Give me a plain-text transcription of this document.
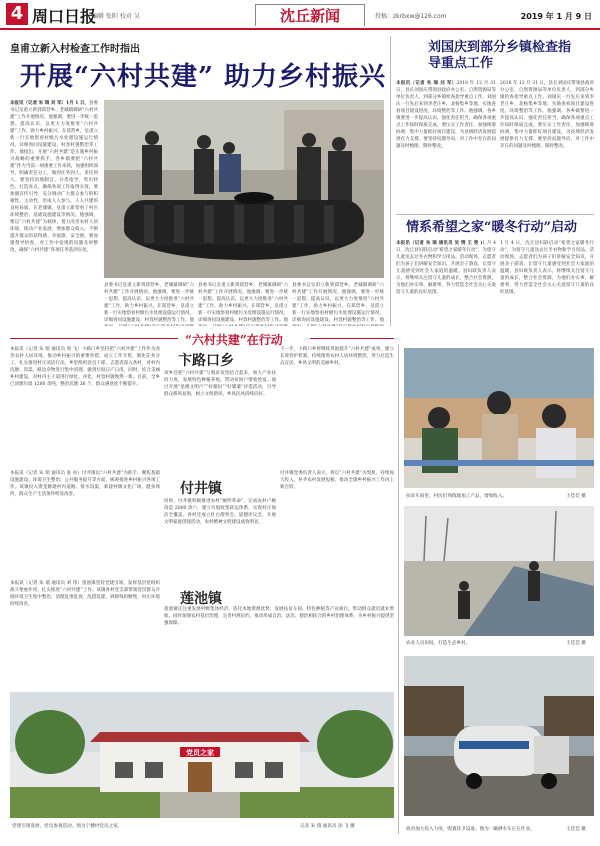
4 周口日报
编辑 张阳 校对 吴	沈丘新闻	投稿：zkrbxw@126.com	2019 年 1 月 9 日
皇甫立新入村检查工作时指出
开展“六村共建” 助力乡村振兴
本报讯（记者 朱 瑞 刘 军）1月 1 日，县委书记皇甫立新到郑营乡、老城镇调研“六村共建”工作开展情况。他强调，要进一步统一思想、提高认识，以更大力度推进“六村共建”工作，助力乡村振兴。在郑营乡，皇甫立新一行实地察看村级污水处理设施运行情况，详细询问设施建设、村容村貌整治等工作。他指出，开展“六村共建”是实施乡村振兴战略的重要抓手，各乡镇要把“六村共建”作为当前一项重要工作来抓，加强组织领导，明确责任分工，做到任务到人、责任到人。要坚持因地制宜、分类指导，突出特色、打造亮点，确保各项工作取得实效。要加强宣传引导，充分调动广大群众参与的积极性、主动性，形成人人参与、人人共建的良好局面。在老城镇，皇甫立新察看了村庄环境整治、基础设施建设等情况。他强调，要以“六村共建”为载体，着力改善农村人居环境，推动产业发展，增加群众收入，不断提升群众的获得感、幸福感、安全感。要加强督导检查，对工作中发现的问题及时整改，确保“六村共建”各项任务落到实处。
县委书记皇甫立新到郑营乡、老城镇调研“六村共建”工作开展情况。他强调，要进一步统一思想、提高认识，以更大力度推进“六村共建”工作，助力乡村振兴。在郑营乡，皇甫立新一行实地察看村级污水处理设施运行情况，详细询问设施建设、村容村貌整治等工作。他
县委书记皇甫立新到郑营乡、老城镇调研“六村共建”工作开展情况。他强调，要进一步统一思想、提高认识，以更大力度推进“六村共建”工作，助力乡村振兴。在郑营乡，皇甫立新一行实地察看村级污水处理设施运行情况，详细询问设施建设、村容村貌整治等工作。他
县委书记皇甫立新到郑营乡、老城镇调研“六村共建”工作开展情况。他强调，要进一步统一思想、提高认识，以更大力度推进“六村共建”工作，助力乡村振兴。在郑营乡，皇甫立新一行实地察看村级污水处理设施运行情况，详细询问设施建设、村容村貌整治等工作。他
刘国庆到部分乡镇检查指导重点工作
本报讯（记者 朱 瑞 刘 军）2018 年 12 月 31 日，县长刘国庆带领县政府办公室、自然资源局等单位负责人，到部分乡镇检查指导重点工作。刘国庆一行先后来到李老庄乡、北杨集乡等地，实地查看项目建设进度、环境整治等工作。他强调，各乡镇要进一步提高认识，强化责任担当，确保各项重点工作按时保质完成。要压实工作责任，加强统筹协调，集中力量抓好项目建设，为县域经济发展提供有力支撑。要坚持问题导向，对工作中存在的问题及时梳理、限时整改。
2018 年 12 月 31 日，县长刘国庆带领县政府办公室、自然资源局等单位负责人，到部分乡镇检查指导重点工作。刘国庆一行先后来到李老庄乡、北杨集乡等地，实地查看项目建设进度、环境整治等工作。他强调，各乡镇要进一步提高认识，强化责任担当，确保各项重点工作按时保质完成。要压实工作责任，加强统筹协调，集中力量抓好项目建设，为县域经济发展提供有力支撑。要坚持问题导向，对工作中存在的问题及时梳理、限时整改。
情系希望之家“暖冬行动”启动
本报讯（记者 朱 瑞 通讯员 吴 情 王 勇 )1 月 4 日，沈丘县妇联启动“希望之家暖冬行动”，为留守儿童送去过冬衣物和学习用品。活动现场，志愿者们为孩子们讲解安全知识，开展亲子游戏，让留守儿童感受到社会大家庭的温暖。县妇联负责人表示，将继续关注留守儿童的成长，整合社会资源，为他们办实事、解难事，努力营造全社会关心关爱留守儿童的良好氛围。
1 月 4 日，沈丘县妇联启动“希望之家暖冬行动”，为留守儿童送去过冬衣物和学习用品。活动现场，志愿者们为孩子们讲解安全知识，开展亲子游戏，让留守儿童感受到社会大家庭的温暖。县妇联负责人表示，将继续关注留守儿童的成长，整合社会资源，为他们办实事、解难事，努力营造全社会关心关爱留守儿童的良好氛围。
“六村共建”在行动
本报讯（记者 朱 瑞 通讯员 周 飞）卞路口乡坚持把“六村共建”工作作为改善农村人居环境、推动乡村振兴的重要举措，成立工作专班，细化任务分工，扎实推进村庄清洁行动。乡里组织党员干部、志愿者深入各村，对村内坑塘、沟渠、路边杂物进行集中清理，做到垃圾日产日清。同时，结合美丽乡村建设，对村内主干道进行绿化、亮化，村容村貌焕然一新。目前，全乡已清理垃圾 1200 余吨，整治坑塘 36 个，群众满意度不断提升。
卞路口乡
该乡还把“六村共建”与脱贫攻坚结合起来，加大产业扶持力度，发展特色种植养殖，带动贫困户增收致富。通过开展“星级文明户”“好媳妇”“好婆婆”评选活动，引导群众移风易俗，树立文明新风，乡风民风持续向好。
下一步，卞路口乡将继续巩固提升“六村共建”成果，建立长效管护机制，持续推进农村人居环境整治，努力打造生态宜居、乡风文明的美丽乡村。
本报讯（记者 朱 瑞 通讯员 张 亮）付井镇以“六村共建”为抓手，聚焦基础设施建设、环境卫生整治、公共服务提升等方面，统筹推进乡村振兴各项工作。该镇投入资金修建村内道路、排水沟渠，新建村级文化广场、健身场所，群众生产生活条件明显改善。	付井镇
同时，付井镇积极推进农村“厕所革命”，完成农村户厕改造 2000 余户，建立垃圾收集转运体系，实现村庄保洁全覆盖。各村还成立红白理事会、道德评议会，开展文明家庭创建活动，农村精神文明建设成效明显。
付井镇党委负责人表示，将以“六村共建”为契机，持续加大投入，补齐农村发展短板，推动全镇乡村振兴工作再上新台阶。
本报讯（记者 朱 瑞 通讯员 刘 伟）莲池镇坚持党建引领，发挥基层党组织战斗堡垒作用，扎实推进“六村共建”工作。该镇各村党支部带领党员群众开展环境卫生集中整治，清理乱堆乱放、乱搭乱建，拆除残垣断壁，村庄环境持续改善。	莲池镇
莲池镇还注重发展村级集体经济，依托本地资源优势，发展扶贫车间、特色种植等产业项目，带动群众就近就业增收。同时加强农村基层治理，完善村规民约，推动形成自治、法治、德治相结合的乡村治理体系，为乡村振兴提供坚强保障。
党员之家
党建引领发展，党员参观活动。图为宁楼村党员之家。	记者 朱 瑞 通讯员 徐 飞 摄
扶贫车间里，村民们熟练地加工产品，增加收入。	王佳佳 摄
农业人员田间，打造生态乡村。	王佳佳 摄
政府加大投入力度，购置环卫设备。图为一辆洒水车正在作业。	王佳佳 摄
